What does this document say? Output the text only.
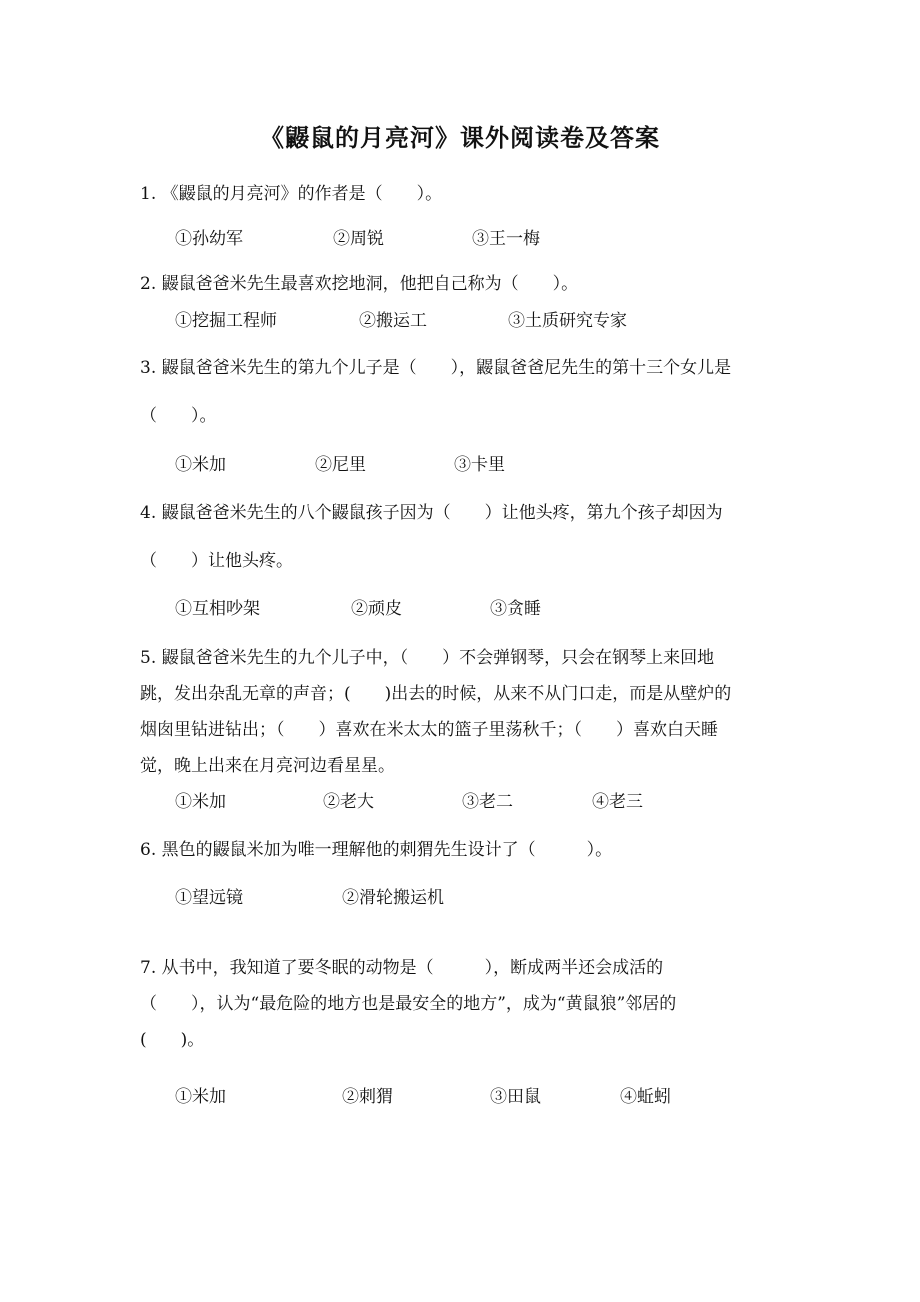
《鼹鼠的月亮河》课外阅读卷及答案
1. 《鼹鼠的月亮河》的作者是（　　）。
①孙幼军	②周锐	③王一梅
2. 鼹鼠爸爸米先生最喜欢挖地洞，他把自己称为（　　）。
①挖掘工程师	②搬运工	③土质研究专家
3. 鼹鼠爸爸米先生的第九个儿子是（　　），鼹鼠爸爸尼先生的第十三个女儿是
（　　）。
①米加	②尼里	③卡里
4. 鼹鼠爸爸米先生的八个鼹鼠孩子因为（　　）让他头疼，第九个孩子却因为
（　　）让他头疼。
①互相吵架	②顽皮	③贪睡
5. 鼹鼠爸爸米先生的九个儿子中，（　　）不会弹钢琴，只会在钢琴上来回地
跳，发出杂乱无章的声音；(　　)出去的时候，从来不从门口走，而是从壁炉的
烟囱里钻进钻出；（　　）喜欢在米太太的篮子里荡秋千；（　　）喜欢白天睡
觉，晚上出来在月亮河边看星星。
①米加	②老大	③老二	④老三
6. 黑色的鼹鼠米加为唯一理解他的刺猬先生设计了（　　　）。
①望远镜	②滑轮搬运机
7. 从书中，我知道了要冬眠的动物是（　　　），断成两半还会成活的
（　　），认为“最危险的地方也是最安全的地方”，成为“黄鼠狼”邻居的
(　　)。
①米加	②刺猬	③田鼠	④蚯蚓
